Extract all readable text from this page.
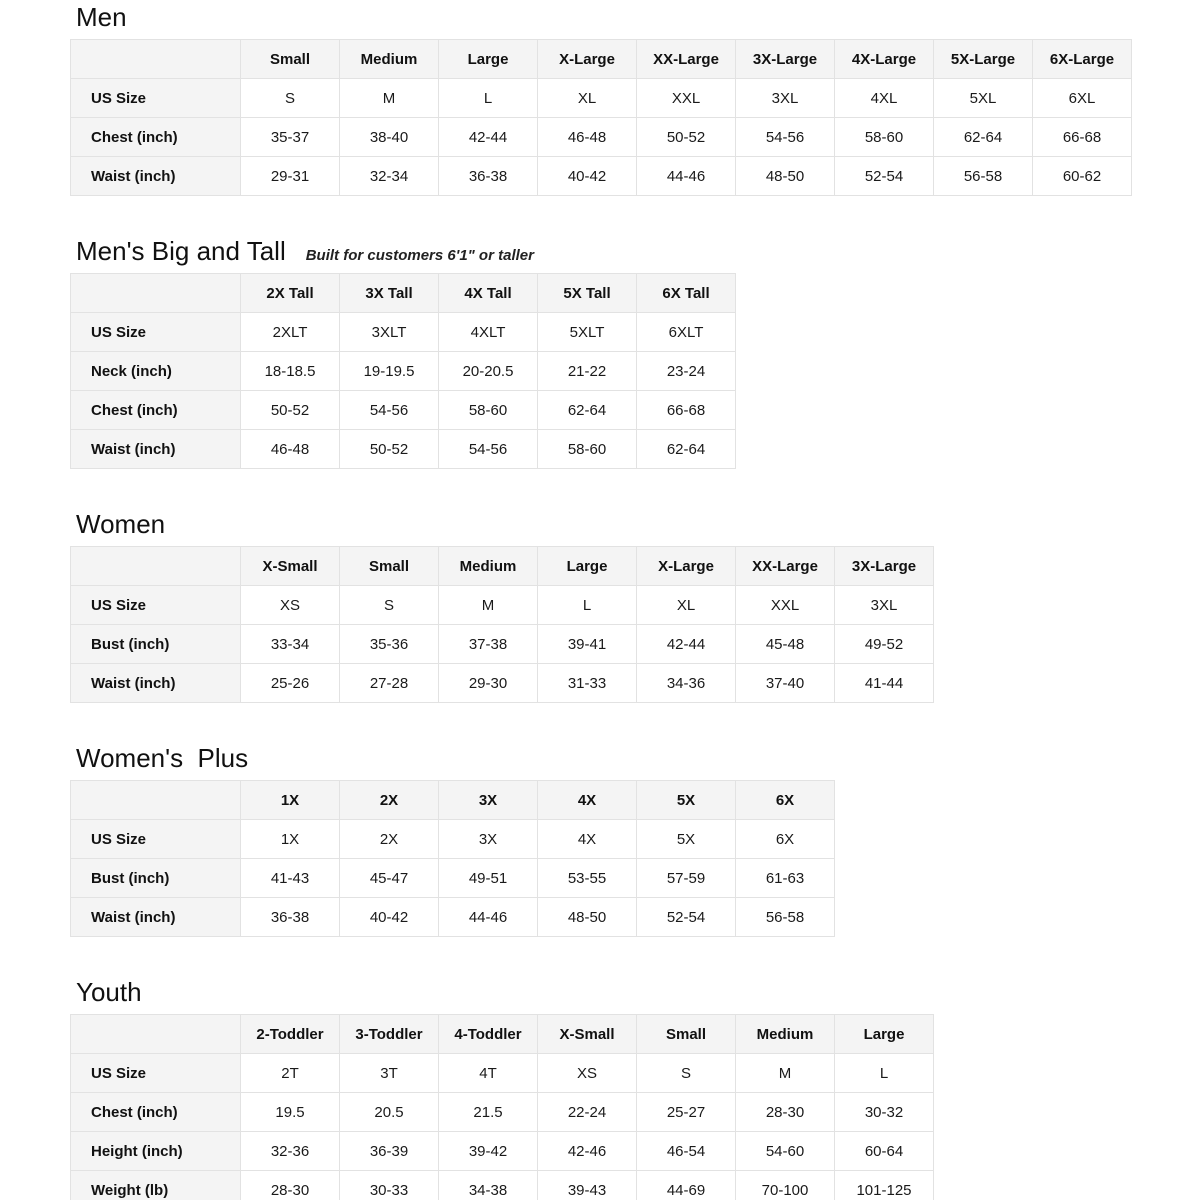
Men
	Small	Medium	Large	X-Large	XX-Large	3X-Large	4X-Large	5X-Large	6X-Large
US Size	S	M	L	XL	XXL	3XL	4XL	5XL	6XL
Chest (inch)	35-37	38-40	42-44	46-48	50-52	54-56	58-60	62-64	66-68
Waist (inch)	29-31	32-34	36-38	40-42	44-46	48-50	52-54	56-58	60-62
Men's Big and Tall Built for customers 6'1" or taller
	2X Tall	3X Tall	4X Tall	5X Tall	6X Tall
US Size	2XLT	3XLT	4XLT	5XLT	6XLT
Neck (inch)	18-18.5	19-19.5	20-20.5	21-22	23-24
Chest (inch)	50-52	54-56	58-60	62-64	66-68
Waist (inch)	46-48	50-52	54-56	58-60	62-64
Women
	X-Small	Small	Medium	Large	X-Large	XX-Large	3X-Large
US Size	XS	S	M	L	XL	XXL	3XL
Bust (inch)	33-34	35-36	37-38	39-41	42-44	45-48	49-52
Waist (inch)	25-26	27-28	29-30	31-33	34-36	37-40	41-44
Women's  Plus
	1X	2X	3X	4X	5X	6X
US Size	1X	2X	3X	4X	5X	6X
Bust (inch)	41-43	45-47	49-51	53-55	57-59	61-63
Waist (inch)	36-38	40-42	44-46	48-50	52-54	56-58
Youth
	2-Toddler	3-Toddler	4-Toddler	X-Small	Small	Medium	Large
US Size	2T	3T	4T	XS	S	M	L
Chest (inch)	19.5	20.5	21.5	22-24	25-27	28-30	30-32
Height (inch)	32-36	36-39	39-42	42-46	46-54	54-60	60-64
Weight (lb)	28-30	30-33	34-38	39-43	44-69	70-100	101-125
